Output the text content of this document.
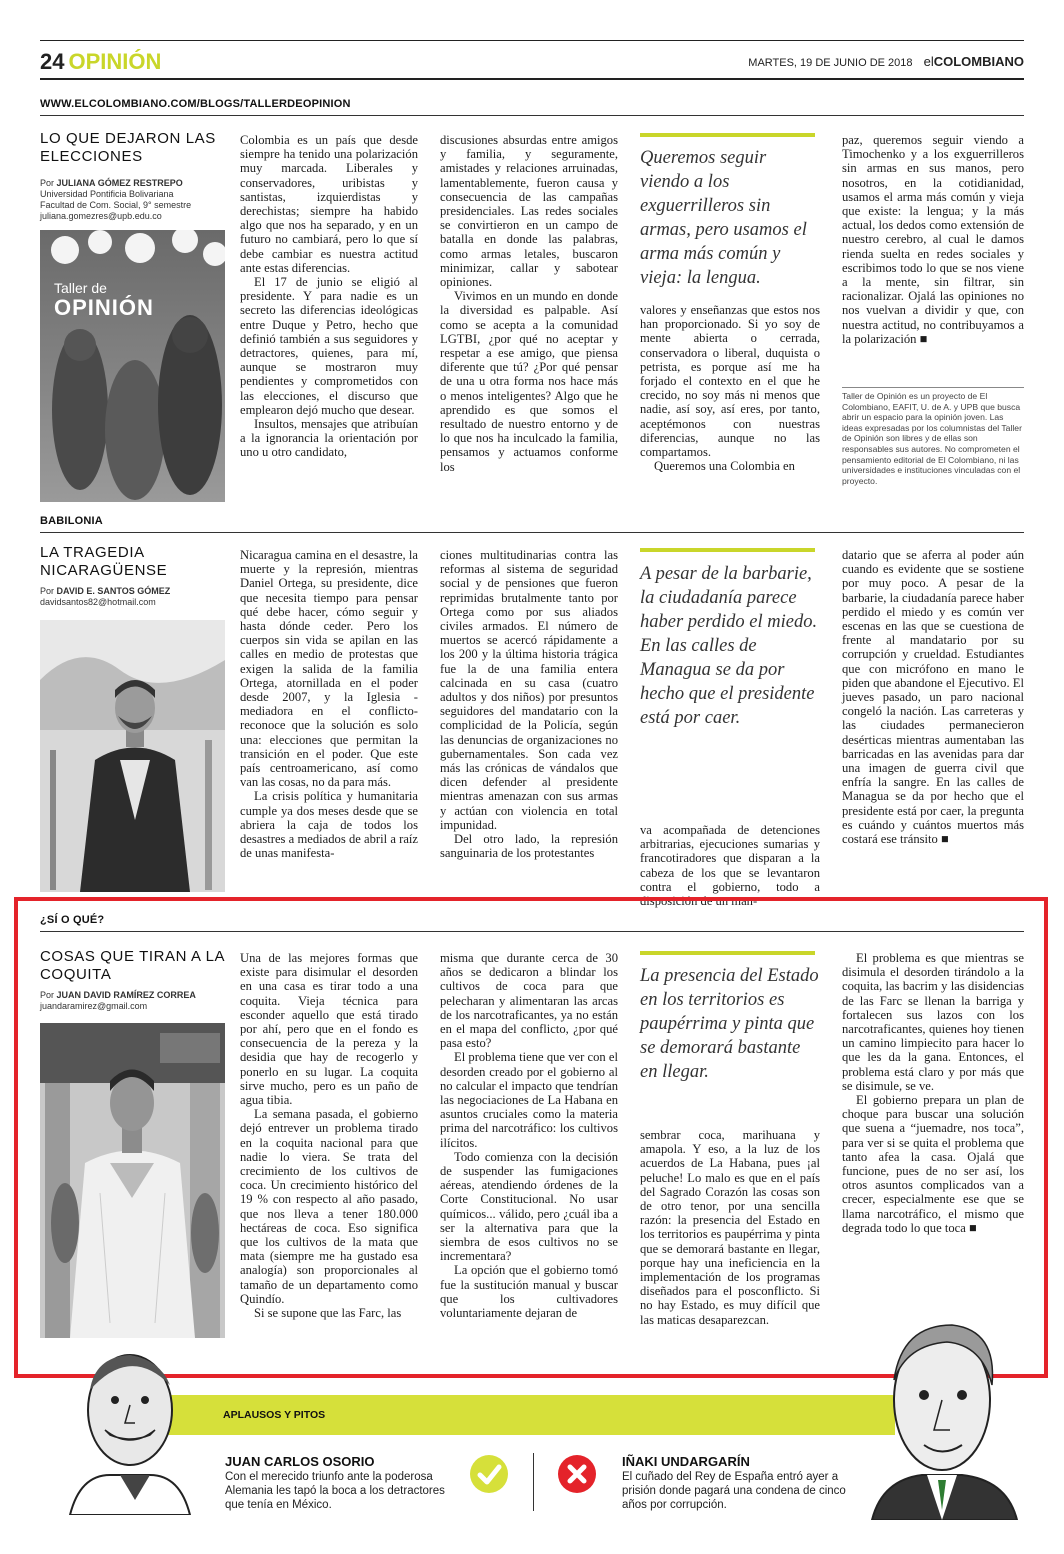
24 OPINIÓN	MARTES, 19 DE JUNIO DE 2018 elCOLOMBIANO
WWW.ELCOLOMBIANO.COM/BLOGS/TALLERDEOPINION
LO QUE DEJARON LAS ELECCIONES
Por JULIANA GÓMEZ RESTREPO
Universidad Pontificia Bolivariana
Facultad de Com. Social, 9° semestre
juliana.gomezres@upb.edu.co
Taller de
OPINIÓN

Colombia es un país que desde siempre ha tenido una polarización muy marcada. Liberales y conservadores, uribistas y santistas, izquierdistas y derechistas; siempre ha habido algo que nos ha separado, y en un futuro no cambiará, pero lo que sí debe cambiar es nuestra actitud ante estas diferencias.

El 17 de junio se eligió al presidente. Y para nadie es un secreto las diferencias ideológicas entre Duque y Petro, hecho que definió también a sus seguidores y detractores, quienes, para mí, aunque se mostraron muy pendientes y comprometidos con las elecciones, el discurso que emplearon dejó mucho que desear.

Insultos, mensajes que atribuían a la ignorancia la orientación por uno u otro candidato,

discusiones absurdas entre amigos y familia, y seguramente, amistades y relaciones arruinadas, lamentablemente, fueron causa y consecuencia de las campañas presidenciales. Las redes sociales se convirtieron en un campo de batalla en donde las palabras, como armas letales, buscaron minimizar, callar y sabotear opiniones.

Vivimos en un mundo en donde la diversidad es palpable. Así como se acepta a la comunidad LGTBI, ¿por qué no aceptar y respetar a ese amigo, que piensa diferente que tú? ¿Por qué pensar de una u otra forma nos hace más o menos inteligentes? Algo que he aprendido es que somos el resultado de nuestro entorno y de lo que nos ha inculcado la familia, pensamos y actuamos conforme los

Queremos seguir viendo a los exguerrilleros sin armas, pero usamos el arma más común y vieja: la lengua.

valores y enseñanzas que estos nos han proporcionado. Si yo soy de mente abierta o cerrada, conservadora o liberal, duquista o petrista, es porque así me ha forjado el contexto en el que he crecido, no soy más ni menos que nadie, así soy, así eres, por tanto, aceptémonos con nuestras diferencias, aunque no las compartamos.

Queremos una Colombia en

paz, queremos seguir viendo a Timochenko y a los exguerrilleros sin armas en sus manos, pero nosotros, en la cotidianidad, usamos el arma más común y vieja que existe: la lengua; y la más actual, los dedos como extensión de nuestro cerebro, al cual le damos rienda suelta en redes sociales y escribimos todo lo que se nos viene a la mente, sin filtrar, sin racionalizar. Ojalá las opiniones no nos vuelvan a dividir y que, con nuestra actitud, no contribuyamos a la polarización ■

Taller de Opinión es un proyecto de El Colombiano, EAFIT, U. de A. y UPB que busca abrir un espacio para la opinión joven. Las ideas expresadas por los columnistas del Taller de Opinión son libres y de ellas son responsables sus autores. No comprometen el pensamiento editorial de El Colombiano, ni las universidades e instituciones vinculadas con el proyecto.
BABILONIA
LA TRAGEDIA NICARAGÜENSE
Por DAVID E. SANTOS GÓMEZ
davidsantos82@hotmail.com

Nicaragua camina en el desastre, la muerte y la represión, mientras Daniel Ortega, su presidente, dice que necesita tiempo para pensar qué debe hacer, cómo seguir y hasta dónde ceder. Pero los cuerpos sin vida se apilan en las calles en medio de protestas que exigen la salida de la familia Ortega, atornillada en el poder desde 2007, y la Iglesia -mediadora en el conflicto- reconoce que la solución es solo una: elecciones que permitan la transición en el poder. Que este país centroamericano, así como van las cosas, no da para más.

La crisis política y humanitaria cumple ya dos meses desde que se abriera la caja de todos los desastres a mediados de abril a raíz de unas manifesta-

ciones multitudinarias contra las reformas al sistema de seguridad social y de pensiones que fueron reprimidas brutalmente tanto por Ortega como por sus aliados civiles armados. El número de muertos se acercó rápidamente a los 200 y la última historia trágica fue la de una familia entera calcinada en su casa (cuatro adultos y dos niños) por presuntos seguidores del mandatario con la complicidad de la Policía, según las denuncias de organizaciones no gubernamentales. Son cada vez más las crónicas de vándalos que dicen defender al presidente mientras amenazan con sus armas y actúan con violencia en total impunidad.

Del otro lado, la represión sanguinaria de los protestantes

A pesar de la barbarie, la ciudadanía parece haber perdido el miedo. En las calles de Managua se da por hecho que el presidente está por caer.

va acompañada de detenciones arbitrarias, ejecuciones sumarias y francotiradores que disparan a la cabeza de los que se levantaron contra el gobierno, todo a disposición de un man-

datario que se aferra al poder aún cuando es evidente que se sostiene por muy poco. A pesar de la barbarie, la ciudadanía parece haber perdido el miedo y es común ver escenas en las que se cuestiona de frente al mandatario por su corrupción y crueldad. Estudiantes que con micrófono en mano le piden que abandone el Ejecutivo. El jueves pasado, un paro nacional congeló la nación. Las carreteras y las ciudades permanecieron desérticas mientras aumentaban las barricadas en las avenidas para dar una imagen de guerra civil que enfría la sangre. En las calles de Managua se da por hecho que el presidente está por caer, la pregunta es cuándo y cuántos muertos más costará ese tránsito ■

¿SÍ O QUÉ?
COSAS QUE TIRAN A LA COQUITA
Por JUAN DAVID RAMÍREZ CORREA
juandaramirez@gmail.com

Una de las mejores formas que existe para disimular el desorden en una casa es tirar todo a una coquita. Vieja técnica para esconder aquello que está tirado por ahí, pero que en el fondo es consecuencia de la pereza y la desidia que hay de recogerlo y ponerlo en su lugar. La coquita sirve mucho, pero es un paño de agua tibia.

La semana pasada, el gobierno dejó entrever un problema tirado en la coquita nacional para que nadie lo viera. Se trata del crecimiento de los cultivos de coca. Un crecimiento histórico del 19 % con respecto al año pasado, que nos lleva a tener 180.000 hectáreas de coca. Eso significa que los cultivos de la mata que mata (siempre me ha gustado esa analogía) son proporcionales al tamaño de un departamento como Quindío.

Si se supone que las Farc, las

misma que durante cerca de 30 años se dedicaron a blindar los cultivos de coca para que pelecharan y alimentaran las arcas de los narcotraficantes, ya no están en el mapa del conflicto, ¿por qué pasa esto?

El problema tiene que ver con el desorden creado por el gobierno al no calcular el impacto que tendrían las negociaciones de La Habana en asuntos cruciales como la materia prima del narcotráfico: los cultivos ilícitos.

Todo comienza con la decisión de suspender las fumigaciones aéreas, atendiendo órdenes de la Corte Constitucional. No usar químicos... válido, pero ¿cuál iba a ser la alternativa para que la siembra de esos cultivos no se incrementara?

La opción que el gobierno tomó fue la sustitución manual y buscar que los cultivadores voluntariamente dejaran de

La presencia del Estado en los territorios es paupérrima y pinta que se demorará bastante en llegar.

sembrar coca, marihuana y amapola. Y eso, a la luz de los acuerdos de La Habana, pues ¡al peluche! Lo malo es que en el país del Sagrado Corazón las cosas son de otro tenor, por una sencilla razón: la presencia del Estado en los territorios es paupérrima y pinta que se demorará bastante en llegar, porque hay una ineficiencia en la implementación de los programas diseñados para el posconflicto. Si no hay Estado, es muy difícil que las maticas desaparezcan.

El problema es que mientras se disimula el desorden tirándolo a la coquita, las bacrim y las disidencias de las Farc se llenan la barriga y fortalecen sus lazos con los narcotraficantes, quienes hoy tienen un camino limpiecito para hacer lo que les da la gana. Entonces, el problema está claro y por más que se disimule, se ve.

El gobierno prepara un plan de choque para buscar una solución que suena a “juemadre, nos toca”, para ver si se quita el problema que tanto afea la casa. Ojalá que funcione, pues de no ser así, los otros asuntos complicados van a crecer, especialmente ese que se llama narcotráfico, el mismo que degrada todo lo que toca ■

APLAUSOS Y PITOS
JUAN CARLOS OSORIO
Con el merecido triunfo ante la poderosa Alemania les tapó la boca a los detractores que tenía en México.
IÑAKI UNDARGARÍN
El cuñado del Rey de España entró ayer a prisión donde pagará una condena de cinco años por corrupción.
